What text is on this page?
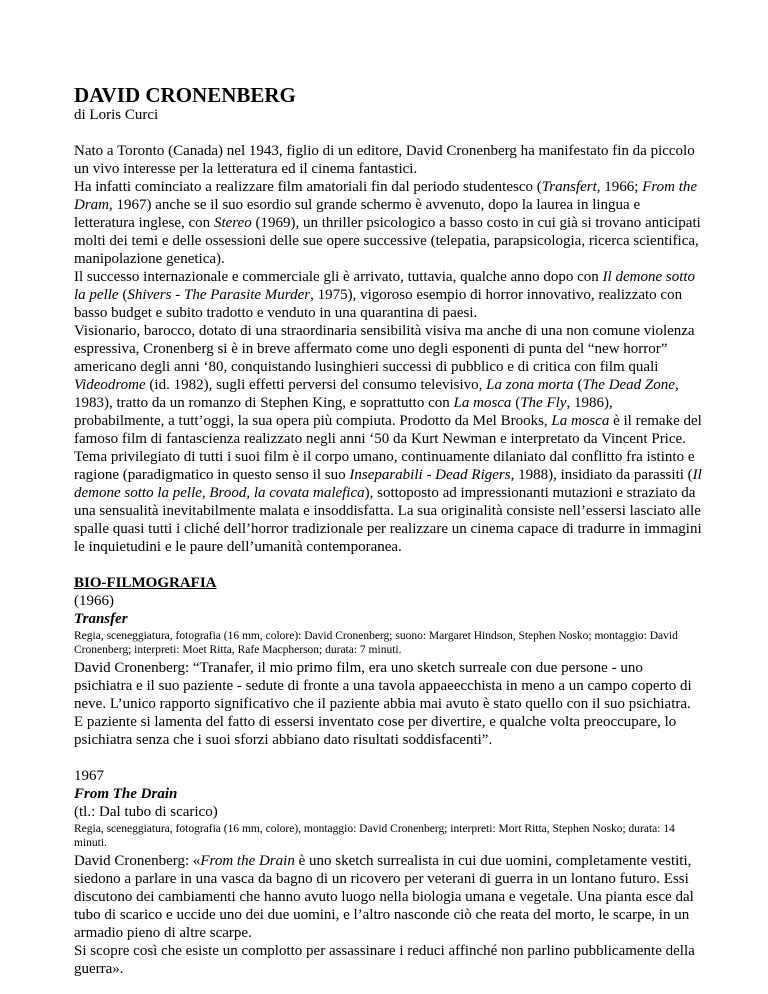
DAVID CRONENBERG
di Loris Curci

Nato a Toronto (Canada) nel 1943, figlio di un editore, David Cronenberg ha manifestato fin da piccolo un vivo interesse per la letteratura ed il cinema fantastici.

Ha infatti cominciato a realizzare film amatoriali fin dal periodo studentesco (Transfert, 1966; From the Dram, 1967) anche se il suo esordio sul grande schermo è avvenuto, dopo la laurea in lingua e letteratura inglese, con Stereo (1969), un thriller psicologico a basso costo in cui già si trovano anticipati molti dei temi e delle ossessioni delle sue opere successive (telepatia, parapsicologia, ricerca scientifica, manipolazione genetica).

Il successo internazionale e commerciale gli è arrivato, tuttavia, qualche anno dopo con Il demone sotto la pelle (Shivers - The Parasite Murder, 1975), vigoroso esempio di horror innovativo, realizzato con basso budget e subito tradotto e venduto in una quarantina di paesi.

Visionario, barocco, dotato di una straordinaria sensibilità visiva ma anche di una non comune violenza espressiva, Cronenberg si è in breve affermato come uno degli esponenti di punta del “new horror” americano degli anni ‘80, conquistando lusinghieri successi di pubblico e di critica con film quali Videodrome (id. 1982), sugli effetti perversi del consumo televisivo, La zona morta (The Dead Zone, 1983), tratto da un romanzo di Stephen King, e soprattutto con La mosca (The Fly, 1986), probabilmente, a tutt’oggi, la sua opera più compiuta. Prodotto da Mel Brooks, La mosca è il remake del famoso film di fantascienza realizzato negli anni ‘50 da Kurt Newman e interpretato da Vincent Price.

Tema privilegiato di tutti i suoi film è il corpo umano, continuamente dilaniato dal conflitto fra istinto e ragione (paradigmatico in questo senso il suo Inseparabili - Dead Rigers, 1988), insidiato da parassiti (Il demone sotto la pelle, Brood, la covata malefica), sottoposto ad impressionanti mutazioni e straziato da una sensualità inevitabilmente malata e insoddisfatta. La sua originalità consiste nell’essersi lasciato alle spalle quasi tutti i cliché dell’horror tradizionale per realizzare un cinema capace di tradurre in immagini le inquietudini e le paure dell’umanità contemporanea.

BIO-FILMOGRAFIA
(1966)
Transfer
Regia, sceneggiatura, fotografia (16 mm, colore): David Cronenberg; suono: Margaret Hindson, Stephen Nosko; montaggio: David Cronenberg; interpreti: Moet Ritta, Rafe Macpherson; durata: 7 minuti.

David Cronenberg: “Tranafer, il mio primo film, era uno sketch surreale con due persone - uno psichiatra e il suo paziente - sedute di fronte a una tavola appaeecchista in meno a un campo coperto di neve. L’unico rapporto significativo che il paziente abbia mai avuto è stato quello con il suo psichiatra. E paziente si lamenta del fatto di essersi inventato cose per divertire, e qualche volta preoccupare, lo psichiatra senza che i suoi sforzi abbiano dato risultati soddisfacenti”.

1967
From The Drain
(tl.: Dal tubo di scarico)
Regia, sceneggiatura, fotografia (16 mm, colore), montaggio: David Cronenberg; interpreti: Mort Ritta, Stephen Nosko; durata: 14 minuti.

David Cronenberg: «From the Drain è uno sketch surrealista in cui due uomini, completamente vestiti, siedono a parlare in una vasca da bagno di un ricovero per veterani di guerra in un lontano futuro. Essi discutono dei cambiamenti che hanno avuto luogo nella biologia umana e vegetale. Una pianta esce dal tubo di scarico e uccide uno dei due uomini, e l’altro nasconde ciò che reata del morto, le scarpe, in un armadio pieno di altre scarpe.

Si scopre così che esiste un complotto per assassinare i reduci affinché non parlino pubblicamente della guerra».
